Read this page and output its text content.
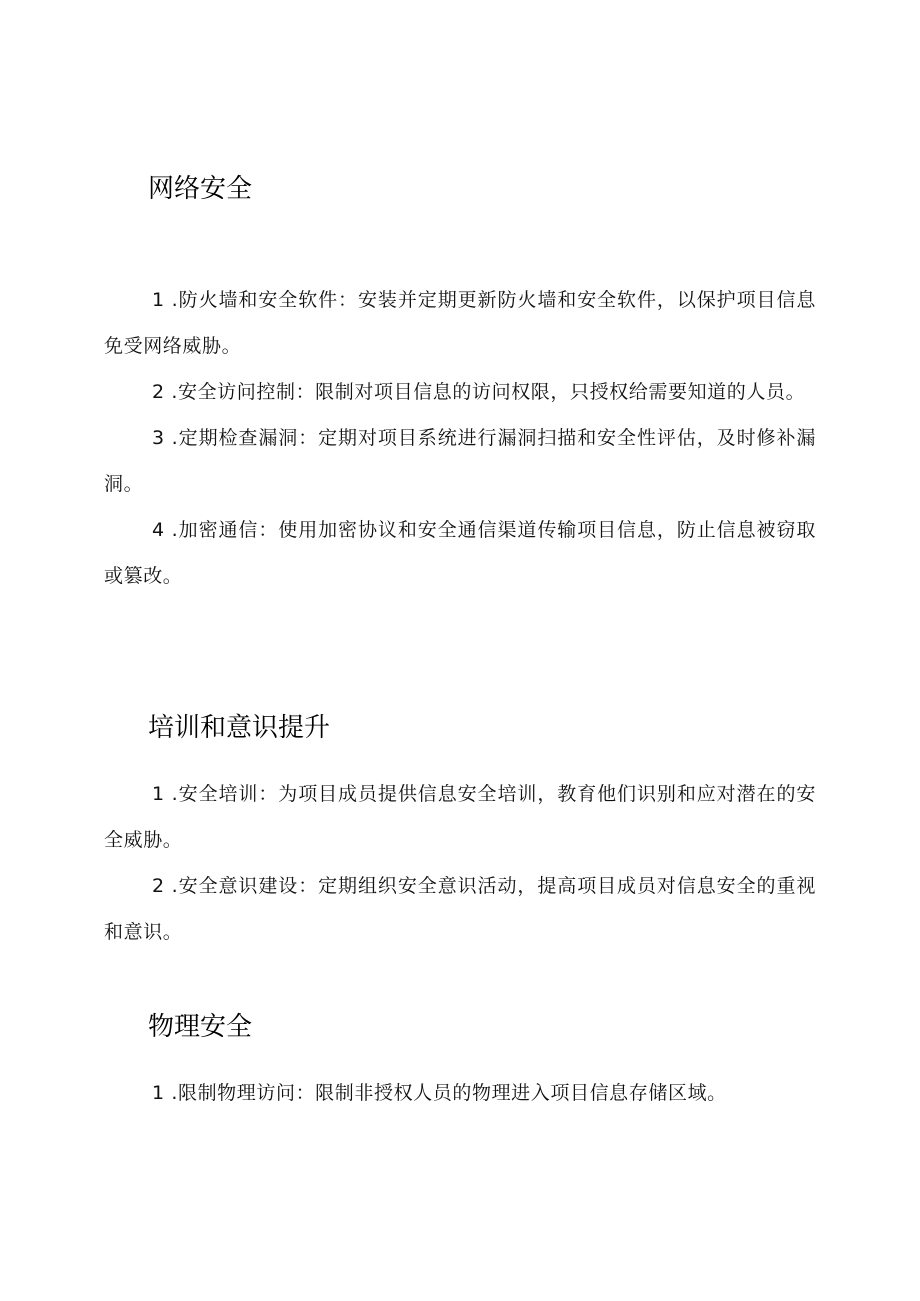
网络安全

1 .防火墙和安全软件：安装并定期更新防火墙和安全软件，以保护项目信息免受网络威胁。

2 .安全访问控制：限制对项目信息的访问权限，只授权给需要知道的人员。

3 .定期检查漏洞：定期对项目系统进行漏洞扫描和安全性评估，及时修补漏洞。

4 .加密通信：使用加密协议和安全通信渠道传输项目信息，防止信息被窃取或篡改。

培训和意识提升

1 .安全培训：为项目成员提供信息安全培训，教育他们识别和应对潜在的安全威胁。

2 .安全意识建设：定期组织安全意识活动，提高项目成员对信息安全的重视和意识。

物理安全

1 .限制物理访问：限制非授权人员的物理进入项目信息存储区域。
